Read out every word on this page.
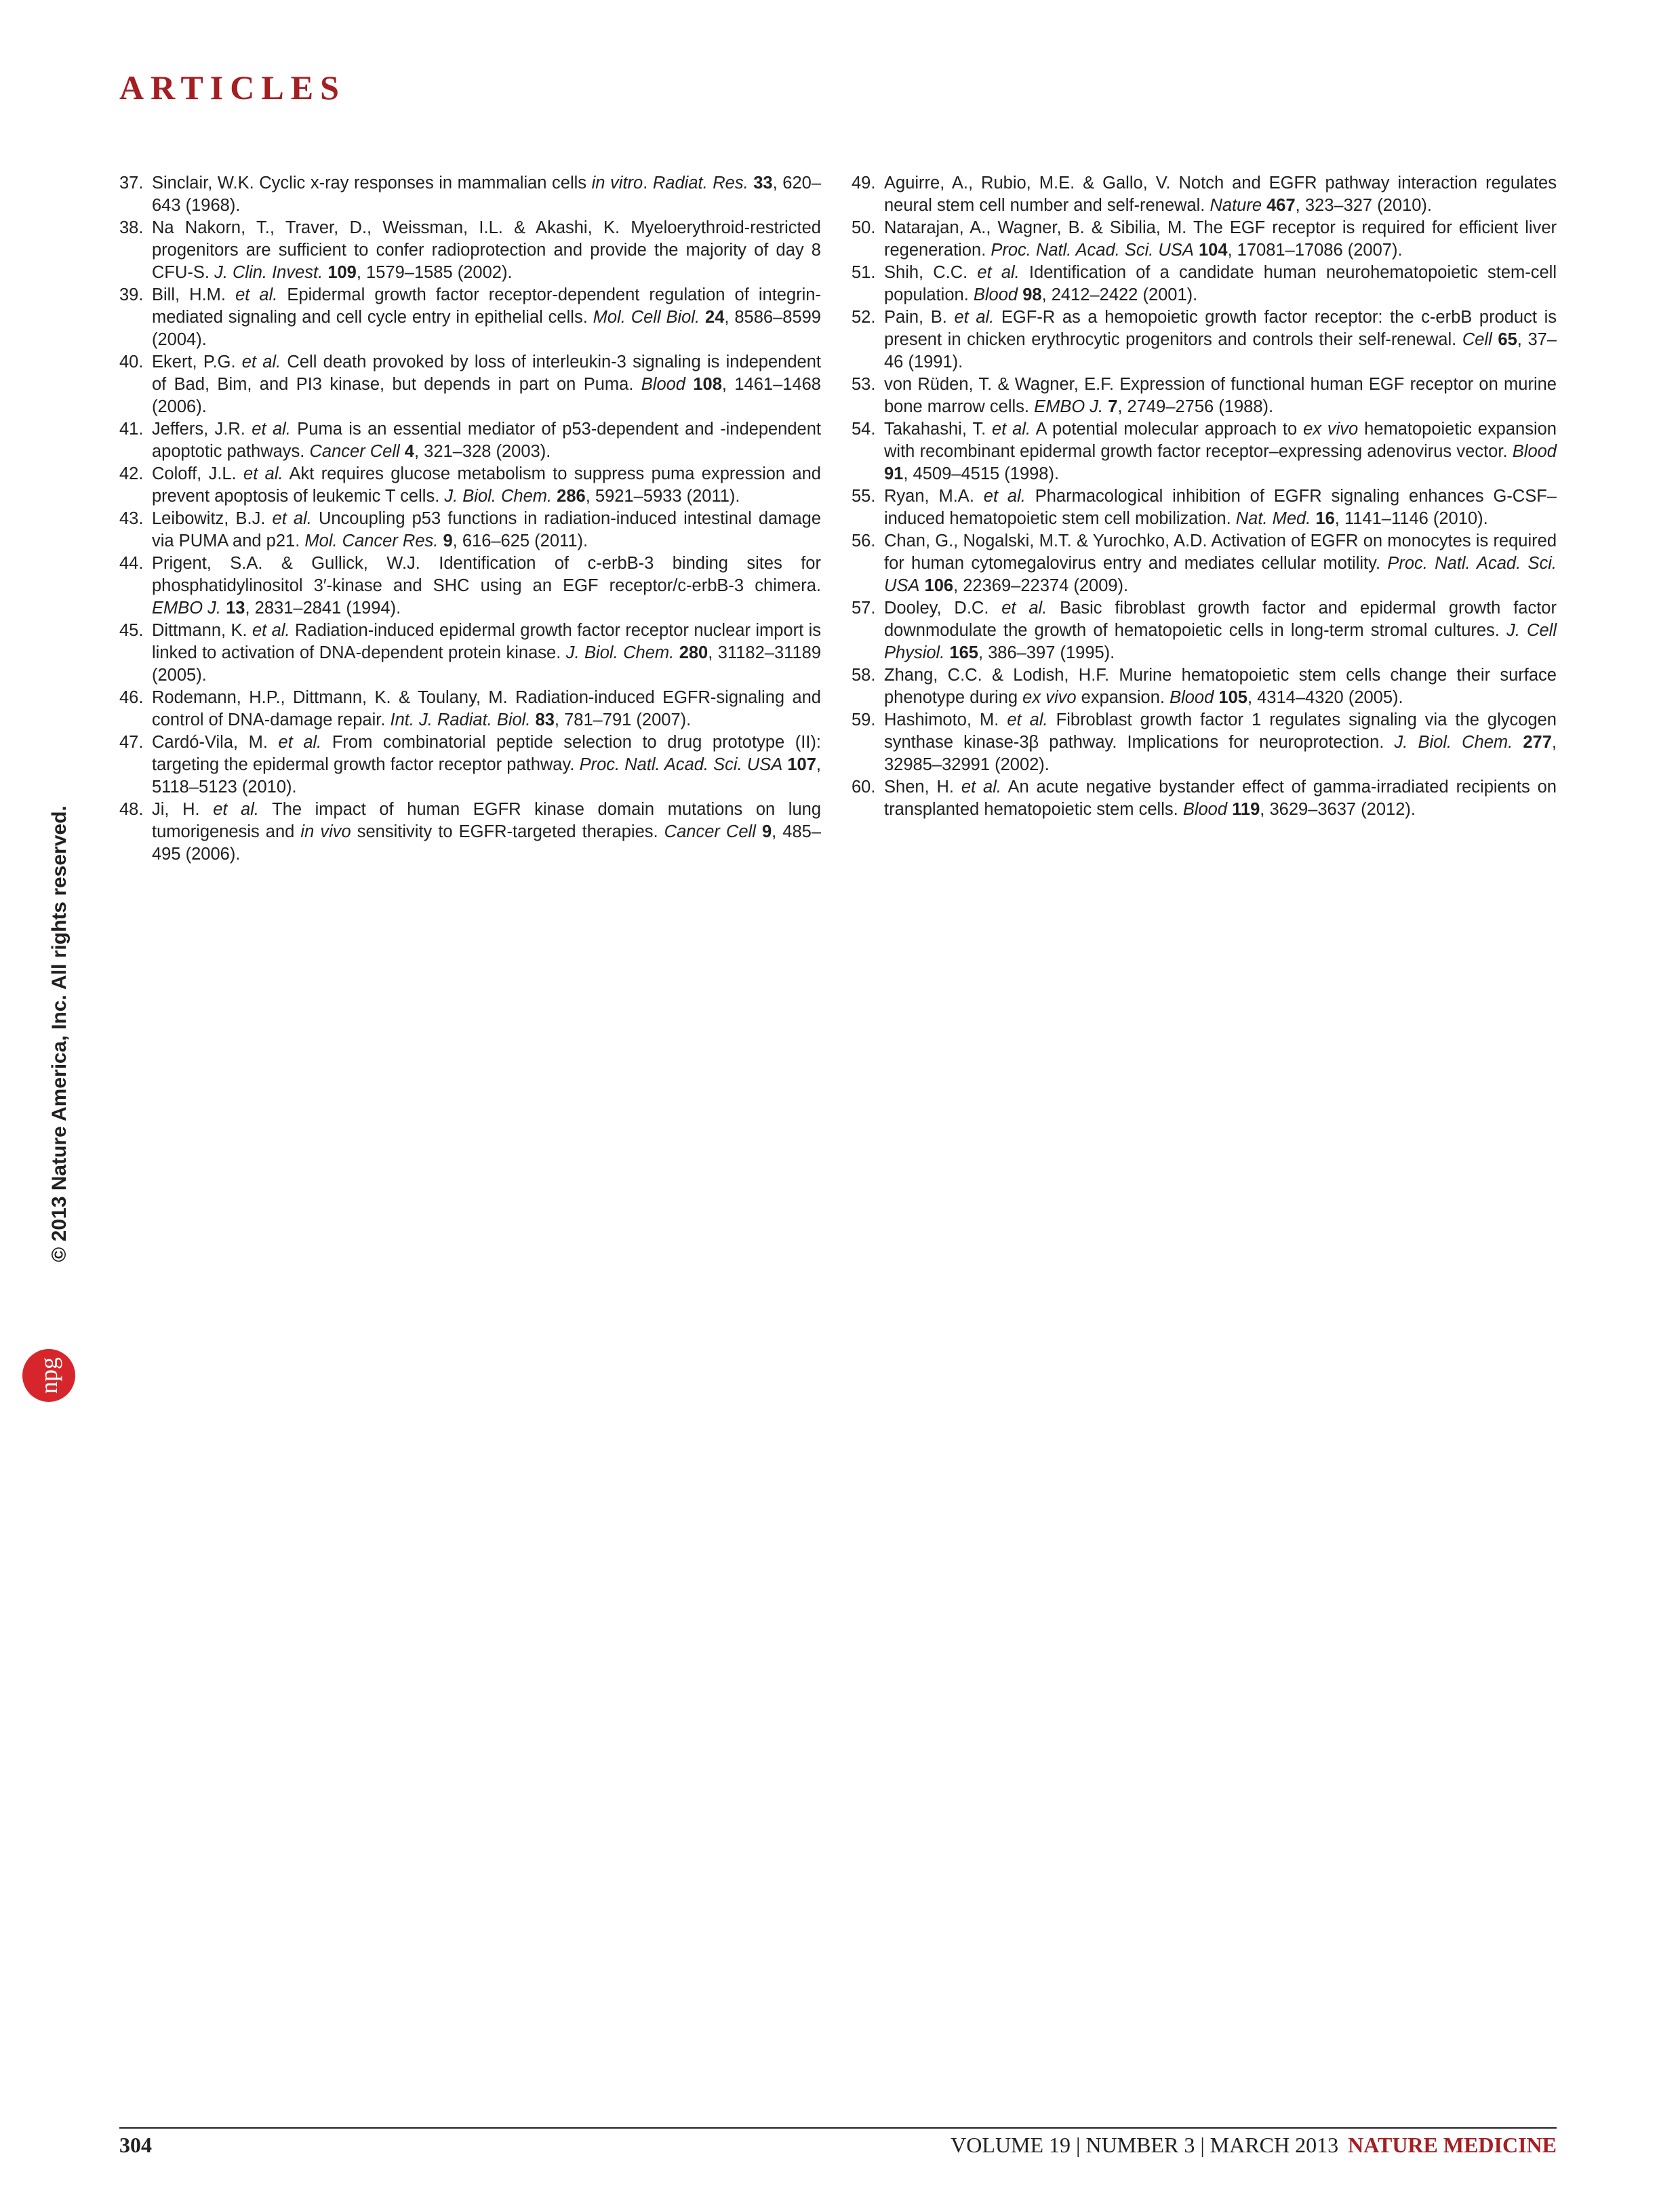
ARTICLES
37. Sinclair, W.K. Cyclic x-ray responses in mammalian cells in vitro. Radiat. Res. 33, 620–643 (1968).
38. Na Nakorn, T., Traver, D., Weissman, I.L. & Akashi, K. Myeloerythroid-restricted progenitors are sufficient to confer radioprotection and provide the majority of day 8 CFU-S. J. Clin. Invest. 109, 1579–1585 (2002).
39. Bill, H.M. et al. Epidermal growth factor receptor-dependent regulation of integrin-mediated signaling and cell cycle entry in epithelial cells. Mol. Cell Biol. 24, 8586–8599 (2004).
40. Ekert, P.G. et al. Cell death provoked by loss of interleukin-3 signaling is independent of Bad, Bim, and PI3 kinase, but depends in part on Puma. Blood 108, 1461–1468 (2006).
41. Jeffers, J.R. et al. Puma is an essential mediator of p53-dependent and -independent apoptotic pathways. Cancer Cell 4, 321–328 (2003).
42. Coloff, J.L. et al. Akt requires glucose metabolism to suppress puma expression and prevent apoptosis of leukemic T cells. J. Biol. Chem. 286, 5921–5933 (2011).
43. Leibowitz, B.J. et al. Uncoupling p53 functions in radiation-induced intestinal damage via PUMA and p21. Mol. Cancer Res. 9, 616–625 (2011).
44. Prigent, S.A. & Gullick, W.J. Identification of c-erbB-3 binding sites for phosphatidylinositol 3′-kinase and SHC using an EGF receptor/c-erbB-3 chimera. EMBO J. 13, 2831–2841 (1994).
45. Dittmann, K. et al. Radiation-induced epidermal growth factor receptor nuclear import is linked to activation of DNA-dependent protein kinase. J. Biol. Chem. 280, 31182–31189 (2005).
46. Rodemann, H.P., Dittmann, K. & Toulany, M. Radiation-induced EGFR-signaling and control of DNA-damage repair. Int. J. Radiat. Biol. 83, 781–791 (2007).
47. Cardó-Vila, M. et al. From combinatorial peptide selection to drug prototype (II): targeting the epidermal growth factor receptor pathway. Proc. Natl. Acad. Sci. USA 107, 5118–5123 (2010).
48. Ji, H. et al. The impact of human EGFR kinase domain mutations on lung tumorigenesis and in vivo sensitivity to EGFR-targeted therapies. Cancer Cell 9, 485–495 (2006).
49. Aguirre, A., Rubio, M.E. & Gallo, V. Notch and EGFR pathway interaction regulates neural stem cell number and self-renewal. Nature 467, 323–327 (2010).
50. Natarajan, A., Wagner, B. & Sibilia, M. The EGF receptor is required for efficient liver regeneration. Proc. Natl. Acad. Sci. USA 104, 17081–17086 (2007).
51. Shih, C.C. et al. Identification of a candidate human neurohematopoietic stem-cell population. Blood 98, 2412–2422 (2001).
52. Pain, B. et al. EGF-R as a hemopoietic growth factor receptor: the c-erbB product is present in chicken erythrocytic progenitors and controls their self-renewal. Cell 65, 37–46 (1991).
53. von Rüden, T. & Wagner, E.F. Expression of functional human EGF receptor on murine bone marrow cells. EMBO J. 7, 2749–2756 (1988).
54. Takahashi, T. et al. A potential molecular approach to ex vivo hematopoietic expansion with recombinant epidermal growth factor receptor–expressing adenovirus vector. Blood 91, 4509–4515 (1998).
55. Ryan, M.A. et al. Pharmacological inhibition of EGFR signaling enhances G-CSF–induced hematopoietic stem cell mobilization. Nat. Med. 16, 1141–1146 (2010).
56. Chan, G., Nogalski, M.T. & Yurochko, A.D. Activation of EGFR on monocytes is required for human cytomegalovirus entry and mediates cellular motility. Proc. Natl. Acad. Sci. USA 106, 22369–22374 (2009).
57. Dooley, D.C. et al. Basic fibroblast growth factor and epidermal growth factor downmodulate the growth of hematopoietic cells in long-term stromal cultures. J. Cell Physiol. 165, 386–397 (1995).
58. Zhang, C.C. & Lodish, H.F. Murine hematopoietic stem cells change their surface phenotype during ex vivo expansion. Blood 105, 4314–4320 (2005).
59. Hashimoto, M. et al. Fibroblast growth factor 1 regulates signaling via the glycogen synthase kinase-3β pathway. Implications for neuroprotection. J. Biol. Chem. 277, 32985–32991 (2002).
60. Shen, H. et al. An acute negative bystander effect of gamma-irradiated recipients on transplanted hematopoietic stem cells. Blood 119, 3629–3637 (2012).
© 2013 Nature America, Inc. All rights reserved.
npg
304	VOLUME 19 | NUMBER 3 | MARCH 2013 NATURE MEDICINE
